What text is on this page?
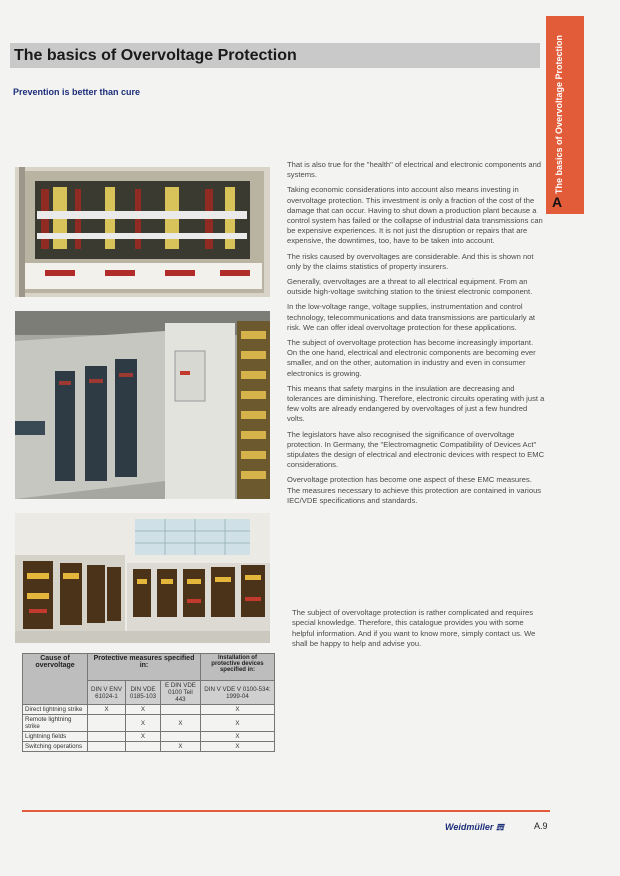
The basics of Overvoltage Protection

Prevention is better than cure	The basics of Overvoltage Protection
A

That is also true for the "health" of electrical and electronic components and systems.

Taking economic considerations into account also means investing in overvoltage protection. This investment is only a fraction of the cost of the damage that can occur. Having to shut down a production plant because a control system has failed or the collapse of industrial data transmissions can be expensive experiences. It is not just the disruption or repairs that are expensive, the downtimes, too, have to be taken into account.

The risks caused by overvoltages are considerable. And this is shown not only by the claims statistics of property insurers.

Generally, overvoltages are a threat to all electrical equipment. From an outside high-voltage switching station to the tiniest electronic component.

In the low-voltage range, voltage supplies, instrumentation and control technology, telecommunications and data transmissions are particularly at risk. We can offer ideal overvoltage protection for these applications.

The subject of overvoltage protection has become increasingly important. On the one hand, electrical and electronic components are becoming ever smaller, and on the other, automation in industry and even in consumer electronics is growing.

This means that safety margins in the insulation are decreasing and tolerances are diminishing. Therefore, electronic circuits operating with just a few volts are already endangered by overvoltages of just a few hundred volts.

The legislators have also recognised the significance of overvoltage protection. In Germany, the "Electromagnetic Compatibility of Devices Act" stipulates the design of electrical and electronic devices with respect to EMC considerations.

Overvoltage protection has become one aspect of these EMC measures. The measures necessary to achieve this protection are contained in various IEC/VDE specifications and standards.

The subject of overvoltage protection is rather complicated and requires special knowledge. Therefore, this catalogue provides you with some helpful information. And if you want to know more, simply contact us. We shall be happy to help and advise you.

Cause of overvoltage	Protective measures specified in:			Installation of protective devices specified in:
	DIN V ENV 61024-1	DIN VDE 0185-103	E DIN VDE 0100 Teil 443	DIN V VDE V 0100-534: 1999-04
Direct lightning strike	X	X		X
Remote lightning strike		X	X	X
Lightning fields		X		X
Switching operations			X	X

Weidmüller 𝌍	A.9
